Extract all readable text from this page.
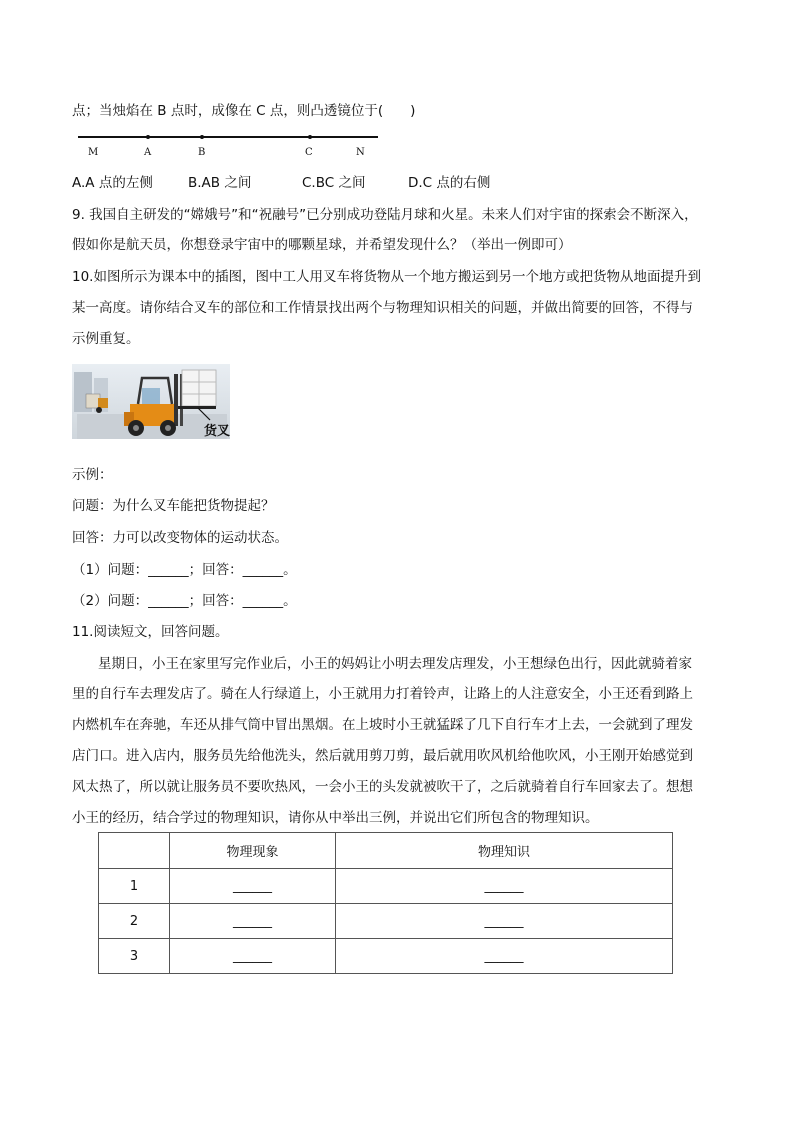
点；当烛焰在 B 点时，成像在 C 点，则凸透镜位于(　　)
M	A	B	C	N
A.A 点的左侧	B.AB 之间	C.BC 之间	D.C 点的右侧
9. 我国自主研发的“嫦娥号”和“祝融号”已分别成功登陆月球和火星。未来人们对宇宙的探索会不断深入，
假如你是航天员，你想登录宇宙中的哪颗星球，并希望发现什么？（举出一例即可）
10.如图所示为课本中的插图，图中工人用叉车将货物从一个地方搬运到另一个地方或把货物从地面提升到
某一高度。请你结合叉车的部位和工作情景找出两个与物理知识相关的问题，并做出简要的回答，不得与
示例重复。
货叉
示例：
问题：为什么叉车能把货物提起？
回答：力可以改变物体的运动状态。
（1）问题：______；回答：______。
（2）问题：______；回答：______。
11.阅读短文，回答问题。
星期日，小王在家里写完作业后，小王的妈妈让小明去理发店理发，小王想绿色出行，因此就骑着家
里的自行车去理发店了。骑在人行绿道上，小王就用力打着铃声，让路上的人注意安全，小王还看到路上
内燃机车在奔驰，车还从排气筒中冒出黑烟。在上坡时小王就猛踩了几下自行车才上去，一会就到了理发
店门口。进入店内，服务员先给他洗头，然后就用剪刀剪，最后就用吹风机给他吹风，小王刚开始感觉到
风太热了，所以就让服务员不要吹热风，一会小王的头发就被吹干了，之后就骑着自行车回家去了。想想
小王的经历，结合学过的物理知识，请你从中举出三例，并说出它们所包含的物理知识。
	物理现象	物理知识
1	______	______
2	______	______
3	______	______
